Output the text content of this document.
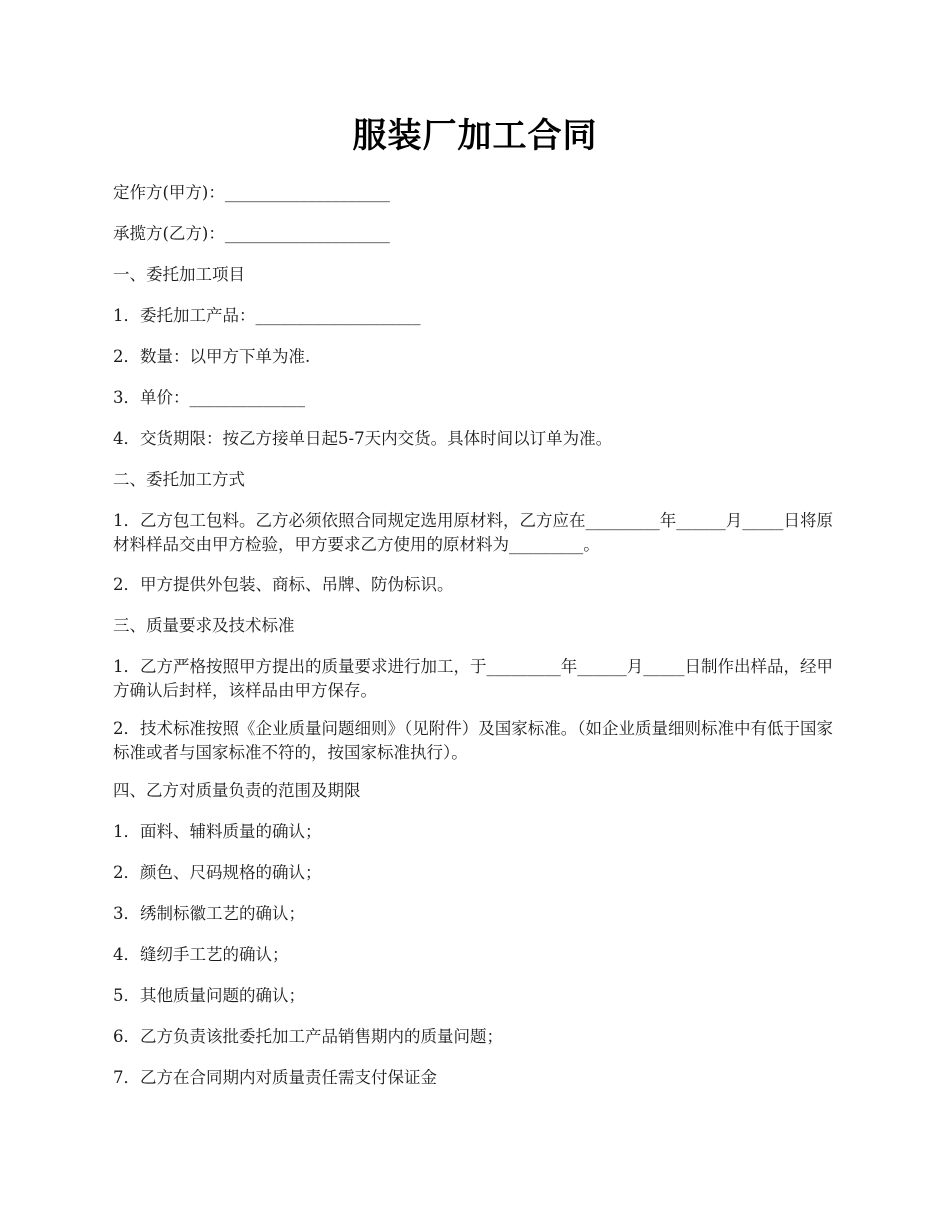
服装厂加工合同
定作方(甲方)：____________________
承揽方(乙方)：____________________
一、委托加工项目
1．委托加工产品：____________________
2．数量：以甲方下单为准.
3．单价：______________
4．交货期限：按乙方接单日起5-7天内交货。具体时间以订单为准。
二、委托加工方式
1．乙方包工包料。乙方必须依照合同规定选用原材料，乙方应在_________年______月_____日将原材料样品交由甲方检验，甲方要求乙方使用的原材料为_________。
2．甲方提供外包装、商标、吊牌、防伪标识。
三、质量要求及技术标准
1．乙方严格按照甲方提出的质量要求进行加工，于_________年______月_____日制作出样品，经甲方确认后封样，该样品由甲方保存。
2．技术标准按照《企业质量问题细则》（见附件）及国家标准。（如企业质量细则标准中有低于国家标准或者与国家标准不符的，按国家标准执行）。
四、乙方对质量负责的范围及期限
1．面料、辅料质量的确认；
2．颜色、尺码规格的确认；
3．绣制标徽工艺的确认；
4．缝纫手工艺的确认；
5．其他质量问题的确认；
6．乙方负责该批委托加工产品销售期内的质量问题；
7．乙方在合同期内对质量责任需支付保证金
